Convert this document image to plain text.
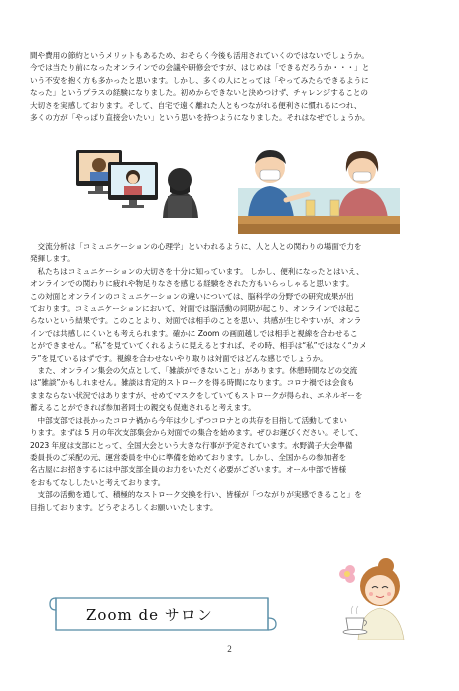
間や費用の節約というメリットもあるため、おそらく今後も活用されていくのではないでしょうか。
今では当たり前になったオンラインでの会議や研修会ですが、はじめは「できるだろうか・・・」と
いう不安を抱く方も多かったと思います。しかし、多くの人にとっては「やってみたらできるように
なった」というプラスの経験になりました。初めからできないと決めつけず、チャレンジすることの
大切さを実感しております。そして、自宅で遠く離れた人ともつながれる便利さに慣れるにつれ、
多くの方が「やっぱり直接会いたい」という思いを持つようになりました。それはなぜでしょうか。

　交流分析は「コミュニケーションの心理学」といわれるように、人と人との関わりの場面で力を
発揮します。
　私たちはコミュニケーションの大切さを十分に知っています。 しかし、便利になったとはいえ、
オンラインでの関わりに疲れや物足りなさを感じる経験をされた方もいらっしゃると思います。
この対面とオンラインのコミュニケーションの違いについては、脳科学の分野での研究成果が出
ております。コミュニケーションにおいて、対面では脳活動の同期が起こり、オンラインでは起こ
らないという結果です。このことより、対面では相手のことを思い、共感が生じやすいが、オンラ
インでは共感しにくいとも考えられます。確かに Zoom の画面越しでは相手と視線を合わせるこ
とができません。“私”を見ていてくれるように見えるとすれば、その時、相手は“私”ではなく“カメ
ラ”を見ているはずです。視線を合わせないやり取りは対面ではどんな感じでしょうか。
　また、オンライン集会の欠点として、「雑談ができないこと」があります。休憩時間などの交流
は“雑談”かもしれません。雑談は肯定的ストロークを得る時間になります。コロナ禍では会食も
ままならない状況ではありますが、せめてマスクをしていてもストロークが得られ、エネルギーを
蓄えることができれば参加者同士の親交も促進されると考えます。
　中部支部では長かったコロナ禍から今年は少しずつコロナとの共存を目指して活動してまい
ります。まずは 5 月の年次支部集会から対面での集合を始めます。ぜひお運びください。そして、
2023 年度は支部にとって、全国大会という大きな行事が予定されています。水野満子大会準備
委員長のご采配の元、運営委員を中心に準備を始めております。しかし、全国からの参加者を
名古屋にお招きするには中部支部全員のお力をいただく必要がございます。オール中部で皆様
をおもてなししたいと考えております。
　支部の活動を通して、積極的なストローク交換を行い、皆様が「つながりが実感できること」を
目指しております。どうぞよろしくお願いいたします。

Zoom de サロン
2
